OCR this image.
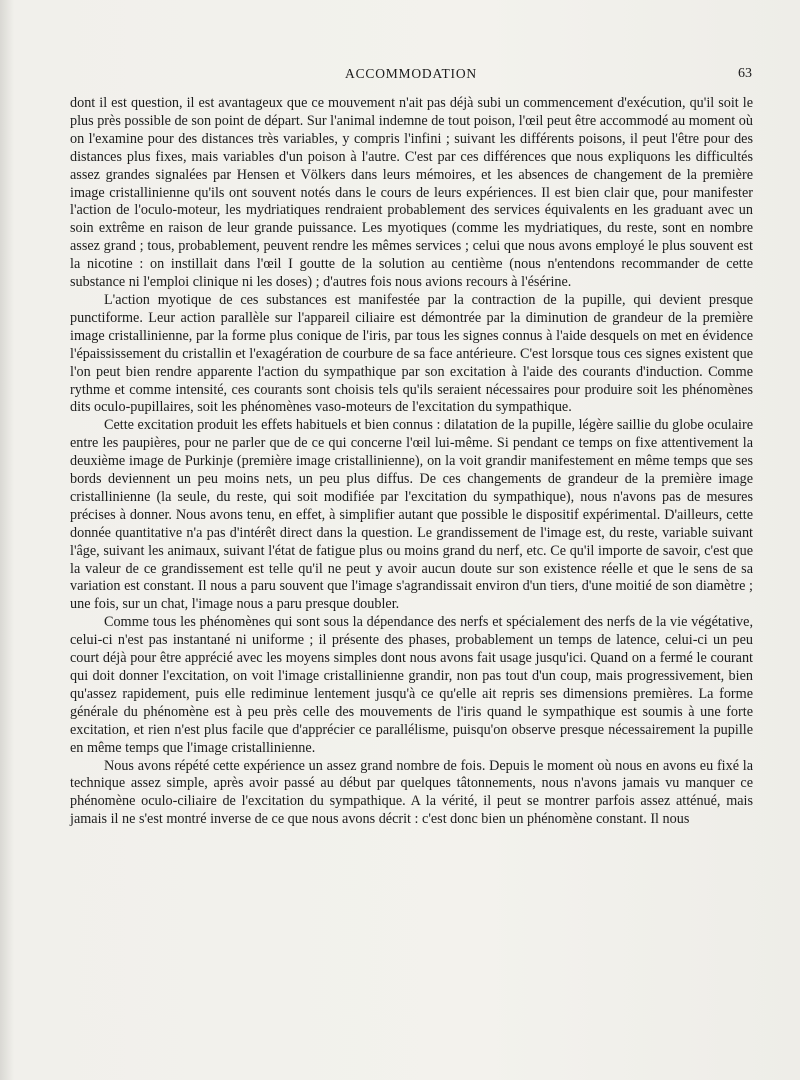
ACCOMMODATION	63

dont il est question, il est avantageux que ce mouvement n'ait pas déjà subi un commencement d'exécution, qu'il soit le plus près possible de son point de départ. Sur l'animal indemne de tout poison, l'œil peut être accommodé au moment où on l'examine pour des distances très variables, y compris l'infini ; suivant les différents poisons, il peut l'être pour des distances plus fixes, mais variables d'un poison à l'autre. C'est par ces différences que nous expliquons les difficultés assez grandes signalées par Hensen et Völkers dans leurs mémoires, et les absences de changement de la première image cristallinienne qu'ils ont souvent notés dans le cours de leurs expériences. Il est bien clair que, pour manifester l'action de l'oculo-moteur, les mydriatiques rendraient probablement des services équivalents en les graduant avec un soin extrême en raison de leur grande puissance. Les myotiques (comme les mydriatiques, du reste, sont en nombre assez grand ; tous, probablement, peuvent rendre les mêmes services ; celui que nous avons employé le plus souvent est la nicotine : on instillait dans l'œil I goutte de la solution au centième (nous n'entendons recommander de cette substance ni l'emploi clinique ni les doses) ; d'autres fois nous avions recours à l'ésérine.

L'action myotique de ces substances est manifestée par la contraction de la pupille, qui devient presque punctiforme. Leur action parallèle sur l'appareil ciliaire est démontrée par la diminution de grandeur de la première image cristallinienne, par la forme plus conique de l'iris, par tous les signes connus à l'aide desquels on met en évidence l'épaississement du cristallin et l'exagération de courbure de sa face antérieure. C'est lorsque tous ces signes existent que l'on peut bien rendre apparente l'action du sympathique par son excitation à l'aide des courants d'induction. Comme rythme et comme intensité, ces courants sont choisis tels qu'ils seraient nécessaires pour produire soit les phénomènes dits oculo-pupillaires, soit les phénomènes vaso-moteurs de l'excitation du sympathique.

Cette excitation produit les effets habituels et bien connus : dilatation de la pupille, légère saillie du globe oculaire entre les paupières, pour ne parler que de ce qui concerne l'œil lui-même. Si pendant ce temps on fixe attentivement la deuxième image de Purkinje (première image cristallinienne), on la voit grandir manifestement en même temps que ses bords deviennent un peu moins nets, un peu plus diffus. De ces changements de grandeur de la première image cristallinienne (la seule, du reste, qui soit modifiée par l'excitation du sympathique), nous n'avons pas de mesures précises à donner. Nous avons tenu, en effet, à simplifier autant que possible le dispositif expérimental. D'ailleurs, cette donnée quantitative n'a pas d'intérêt direct dans la question. Le grandissement de l'image est, du reste, variable suivant l'âge, suivant les animaux, suivant l'état de fatigue plus ou moins grand du nerf, etc. Ce qu'il importe de savoir, c'est que la valeur de ce grandissement est telle qu'il ne peut y avoir aucun doute sur son existence réelle et que le sens de sa variation est constant. Il nous a paru souvent que l'image s'agrandissait environ d'un tiers, d'une moitié de son diamètre ; une fois, sur un chat, l'image nous a paru presque doubler.

Comme tous les phénomènes qui sont sous la dépendance des nerfs et spécialement des nerfs de la vie végétative, celui-ci n'est pas instantané ni uniforme ; il présente des phases, probablement un temps de latence, celui-ci un peu court déjà pour être apprécié avec les moyens simples dont nous avons fait usage jusqu'ici. Quand on a fermé le courant qui doit donner l'excitation, on voit l'image cristallinienne grandir, non pas tout d'un coup, mais progressivement, bien qu'assez rapidement, puis elle rediminue lentement jusqu'à ce qu'elle ait repris ses dimensions premières. La forme générale du phénomène est à peu près celle des mouvements de l'iris quand le sympathique est soumis à une forte excitation, et rien n'est plus facile que d'apprécier ce parallélisme, puisqu'on observe presque nécessairement la pupille en même temps que l'image cristallinienne.

Nous avons répété cette expérience un assez grand nombre de fois. Depuis le moment où nous en avons eu fixé la technique assez simple, après avoir passé au début par quelques tâtonnements, nous n'avons jamais vu manquer ce phénomène oculo-ciliaire de l'excitation du sympathique. A la vérité, il peut se montrer parfois assez atténué, mais jamais il ne s'est montré inverse de ce que nous avons décrit : c'est donc bien un phénomène constant. Il nous
